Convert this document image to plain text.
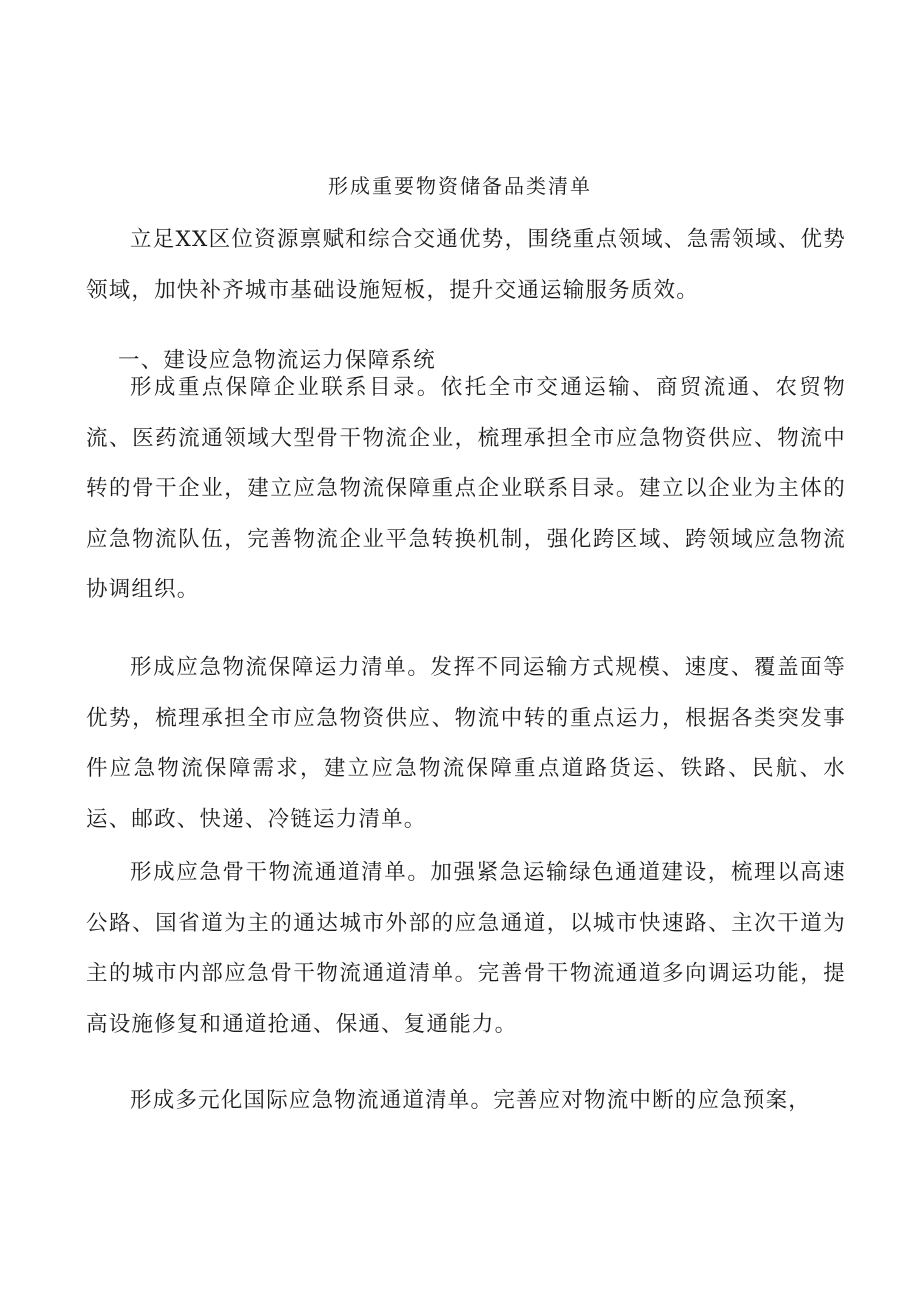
形成重要物资储备品类清单

立足XX区位资源禀赋和综合交通优势，围绕重点领域、急需领域、优势领域，加快补齐城市基础设施短板，提升交通运输服务质效。

一、建设应急物流运力保障系统

形成重点保障企业联系目录。依托全市交通运输、商贸流通、农贸物流、医药流通领域大型骨干物流企业，梳理承担全市应急物资供应、物流中转的骨干企业，建立应急物流保障重点企业联系目录。建立以企业为主体的应急物流队伍，完善物流企业平急转换机制，强化跨区域、跨领域应急物流协调组织。

形成应急物流保障运力清单。发挥不同运输方式规模、速度、覆盖面等优势，梳理承担全市应急物资供应、物流中转的重点运力，根据各类突发事件应急物流保障需求，建立应急物流保障重点道路货运、铁路、民航、水运、邮政、快递、冷链运力清单。

形成应急骨干物流通道清单。加强紧急运输绿色通道建设，梳理以高速公路、国省道为主的通达城市外部的应急通道，以城市快速路、主次干道为主的城市内部应急骨干物流通道清单。完善骨干物流通道多向调运功能，提高设施修复和通道抢通、保通、复通能力。

形成多元化国际应急物流通道清单。完善应对物流中断的应急预案，
